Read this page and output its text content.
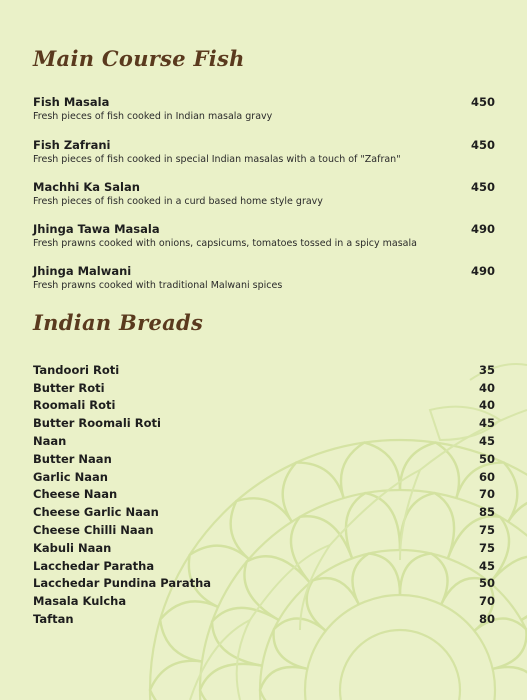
Main Course Fish
Fish Masala	450
Fresh pieces of fish cooked in Indian masala gravy
Fish Zafrani	450
Fresh pieces of fish cooked in special Indian masalas with a touch of "Zafran"
Machhi Ka Salan	450
Fresh pieces of fish cooked in a curd based home style gravy
Jhinga Tawa Masala	490
Fresh prawns cooked with onions, capsicums, tomatoes tossed in a spicy masala
Jhinga Malwani	490
Fresh prawns cooked with traditional Malwani spices
Indian Breads
Tandoori Roti	35
Butter Roti	40
Roomali Roti	40
Butter Roomali Roti	45
Naan	45
Butter Naan	50
Garlic Naan	60
Cheese Naan	70
Cheese Garlic Naan	85
Cheese Chilli Naan	75
Kabuli Naan	75
Lacchedar Paratha	45
Lacchedar Pundina Paratha	50
Masala Kulcha	70
Taftan	80
